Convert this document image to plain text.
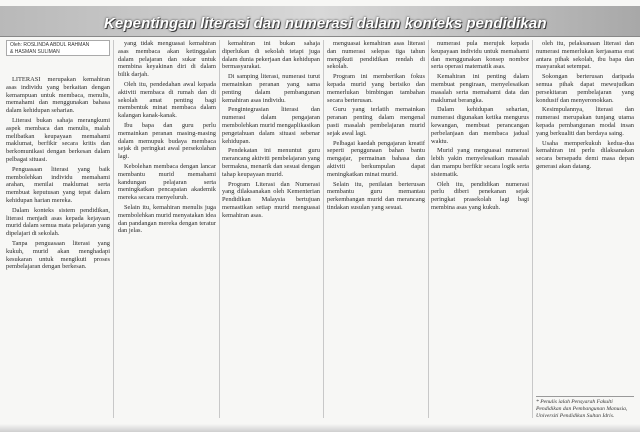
Kepentingan literasi dan numerasi dalam konteks pendidikan
Oleh: ROSLINDA ABDUL RAHMAN
& HASMAN SULIMAN

LITERASI merupakan kemahiran asas individu yang berkaitan dengan kemampuan untuk membaca, menulis, memahami dan menggunakan bahasa dalam kehidupan seharian.

Literasi bukan sahaja merangkumi aspek membaca dan menulis, malah melibatkan keupayaan memahami maklumat, berfikir secara kritis dan berkomunikasi dengan berkesan dalam pelbagai situasi.

Penguasaan literasi yang baik membolehkan individu memahami arahan, menilai maklumat serta membuat keputusan yang tepat dalam kehidupan harian mereka.

Dalam konteks sistem pendidikan, literasi menjadi asas kepada kejayaan murid dalam semua mata pelajaran yang dipelajari di sekolah.

Tanpa penguasaan literasi yang kukuh, murid akan menghadapi kesukaran untuk mengikuti proses pembelajaran dengan berkesan.

yang tidak menguasai kemahiran asas membaca akan ketinggalan dalam pelajaran dan sukar untuk membina keyakinan diri di dalam bilik darjah.

Oleh itu, pendedahan awal kepada aktiviti membaca di rumah dan di sekolah amat penting bagi membentuk minat membaca dalam kalangan kanak-kanak.

Ibu bapa dan guru perlu memainkan peranan masing-masing dalam memupuk budaya membaca sejak di peringkat awal persekolahan lagi.

Kebolehan membaca dengan lancar membantu murid memahami kandungan pelajaran serta meningkatkan pencapaian akademik mereka secara menyeluruh.

Selain itu, kemahiran menulis juga membolehkan murid menyatakan idea dan pandangan mereka dengan teratur dan jelas.

kemahiran ini bukan sahaja diperlukan di sekolah tetapi juga dalam dunia pekerjaan dan kehidupan bermasyarakat.

Di samping literasi, numerasi turut memainkan peranan yang sama penting dalam pembangunan kemahiran asas individu.

Pengintegrasian literasi dan numerasi dalam pengajaran membolehkan murid mengaplikasikan pengetahuan dalam situasi sebenar kehidupan.

Pendekatan ini menuntut guru merancang aktiviti pembelajaran yang bermakna, menarik dan sesuai dengan tahap keupayaan murid.

Program Literasi dan Numerasi yang dilaksanakan oleh Kementerian Pendidikan Malaysia bertujuan memastikan setiap murid menguasai kemahiran asas.

menguasai kemahiran asas literasi dan numerasi selepas tiga tahun mengikuti pendidikan rendah di sekolah.

Program ini memberikan fokus kepada murid yang berisiko dan memerlukan bimbingan tambahan secara berterusan.

Guru yang terlatih memainkan peranan penting dalam mengenal pasti masalah pembelajaran murid sejak awal lagi.

Pelbagai kaedah pengajaran kreatif seperti penggunaan bahan bantu mengajar, permainan bahasa dan aktiviti berkumpulan dapat meningkatkan minat murid.

Selain itu, penilaian berterusan membantu guru memantau perkembangan murid dan merancang tindakan susulan yang sesuai.

numerasi pula merujuk kepada keupayaan individu untuk memahami dan menggunakan konsep nombor serta operasi matematik asas.

Kemahiran ini penting dalam membuat pengiraan, menyelesaikan masalah serta memahami data dan maklumat berangka.

Dalam kehidupan seharian, numerasi digunakan ketika mengurus kewangan, membuat perancangan perbelanjaan dan membaca jadual waktu.

Murid yang menguasai numerasi lebih yakin menyelesaikan masalah dan mampu berfikir secara logik serta sistematik.

Oleh itu, pendidikan numerasi perlu diberi penekanan sejak peringkat prasekolah lagi bagi membina asas yang kukuh.

oleh itu, pelaksanaan literasi dan numerasi memerlukan kerjasama erat antara pihak sekolah, ibu bapa dan masyarakat setempat.

Sokongan berterusan daripada semua pihak dapat mewujudkan persekitaran pembelajaran yang kondusif dan menyeronokkan.

Kesimpulannya, literasi dan numerasi merupakan tunjang utama kepada pembangunan modal insan yang berkualiti dan berdaya saing.

Usaha memperkukuh kedua-dua kemahiran ini perlu dilaksanakan secara bersepadu demi masa depan generasi akan datang.

* Penulis ialah Pensyarah Fakulti Pendidikan dan Pembangunan Manusia, Universiti Pendidikan Sultan Idris.
